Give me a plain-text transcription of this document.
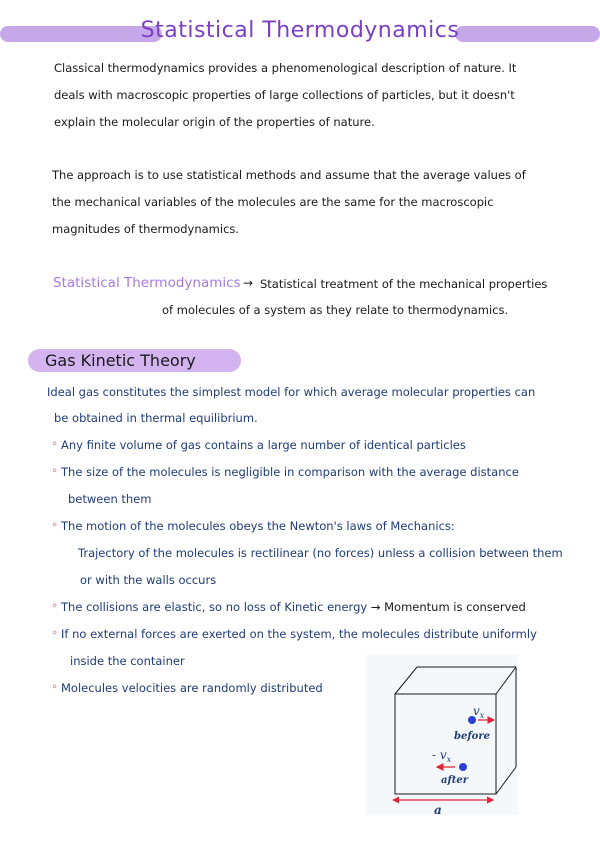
Statistical Thermodynamics
Classical thermodynamics provides a phenomenological description of nature. It
deals with macroscopic properties of large collections of particles, but it doesn't
explain the molecular origin of the properties of nature.
The approach is to use statistical methods and assume that the average values of
the mechanical variables of the molecules are the same for the macroscopic
magnitudes of thermodynamics.
Statistical Thermodynamics → Statistical treatment of the mechanical properties
of molecules of a system as they relate to thermodynamics.
Gas Kinetic Theory
Ideal gas constitutes the simplest model for which average molecular properties can
be obtained in thermal equilibrium.
∘ Any finite volume of gas contains a large number of identical particles
∘ The size of the molecules is negligible in comparison with the average distance
between them
∘ The motion of the molecules obeys the Newton's laws of Mechanics:
Trajectory of the molecules is rectilinear (no forces) unless a collision between them
or with the walls occurs
∘ The collisions are elastic, so no loss of Kinetic energy → Momentum is conserved
∘ If no external forces are exerted on the system, the molecules distribute uniformly
inside the container
∘ Molecules velocities are randomly distributed
$v_x$
before
- $v_x$
after
a
